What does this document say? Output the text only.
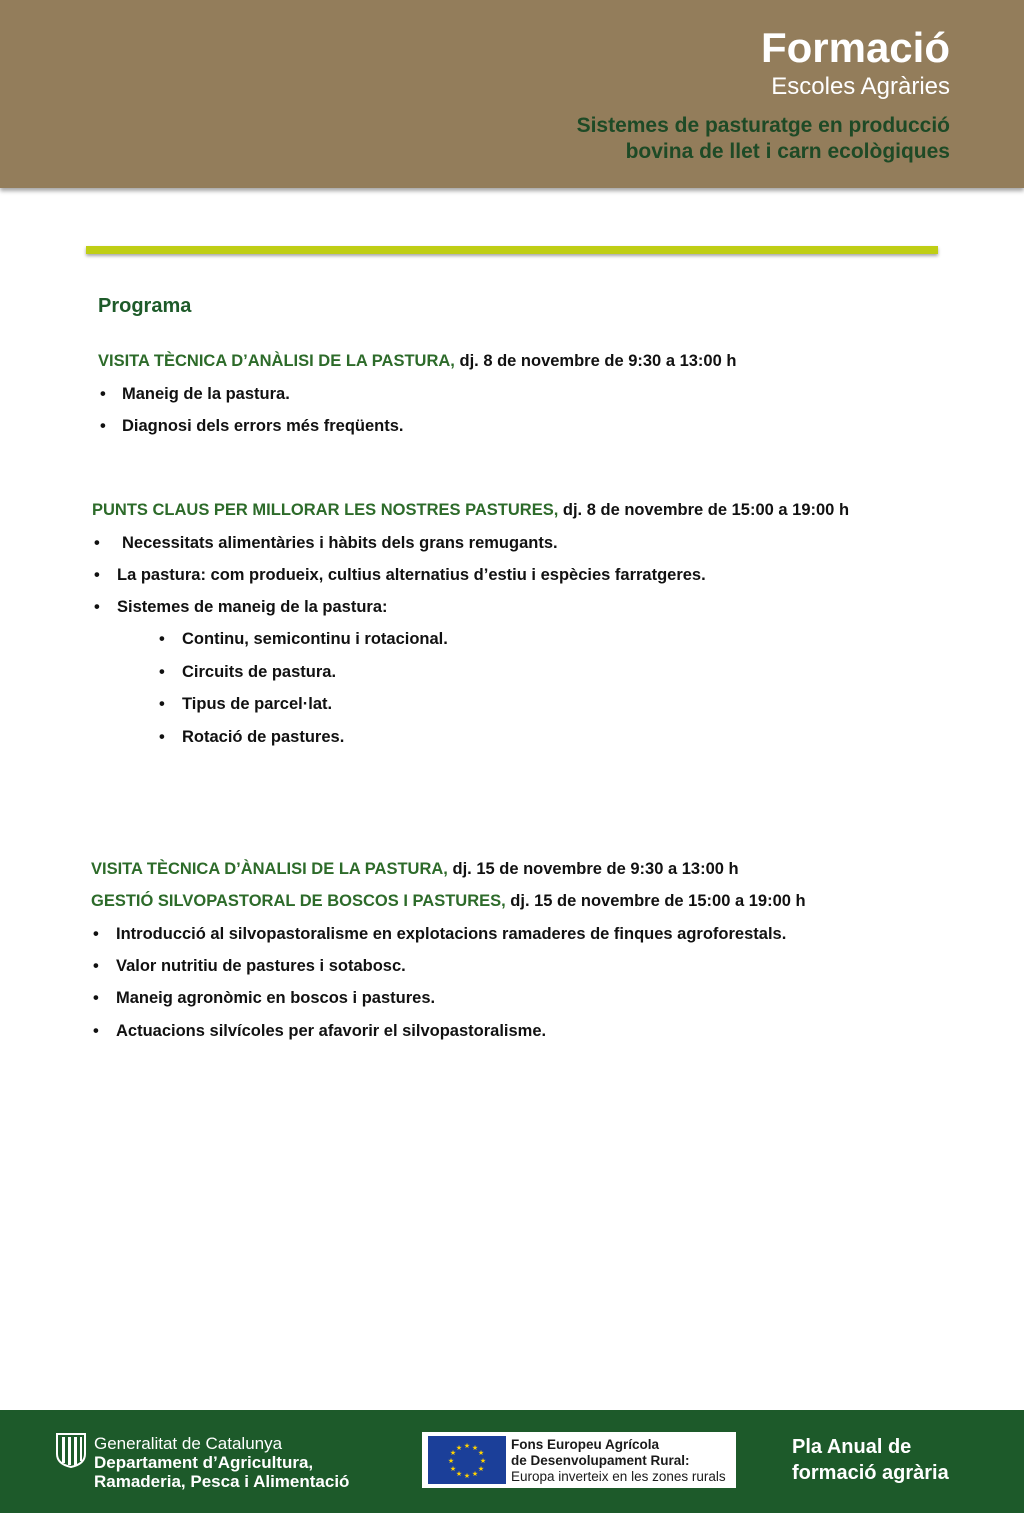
Formació
Escoles Agràries
Sistemes de pasturatge en producció
bovina de llet i carn ecològiques
Programa
VISITA TÈCNICA D’ANÀLISI DE LA PASTURA, dj. 8 de novembre de 9:30 a 13:00 h
• Maneig de la pastura.
• Diagnosi dels errors més freqüents.
PUNTS CLAUS PER MILLORAR LES NOSTRES PASTURES, dj. 8 de novembre de 15:00 a 19:00 h
• Necessitats alimentàries i hàbits dels grans remugants.
• La pastura: com produeix, cultius alternatius d’estiu i espècies farratgeres.
• Sistemes de maneig de la pastura:
• Continu, semicontinu i rotacional.
• Circuits de pastura.
• Tipus de parcel·lat.
• Rotació de pastures.
VISITA TÈCNICA D’ÀNALISI DE LA PASTURA, dj. 15 de novembre de 9:30 a 13:00 h
GESTIÓ SILVOPASTORAL DE BOSCOS I PASTURES, dj. 15 de novembre de 15:00 a 19:00 h
• Introducció al silvopastoralisme en explotacions ramaderes de finques agroforestals.
• Valor nutritiu de pastures i sotabosc.
• Maneig agronòmic en boscos i pastures.
• Actuacions silvícoles per afavorir el silvopastoralisme.
Generalitat de Catalunya
Departament d’Agricultura,
Ramaderia, Pesca i Alimentació
★ ★
★
★
★
★
★
★
★
★
★
★	Fons Europeu Agrícola
de Desenvolupament Rural:
Europa inverteix en les zones rurals
Pla Anual de
formació agrària
